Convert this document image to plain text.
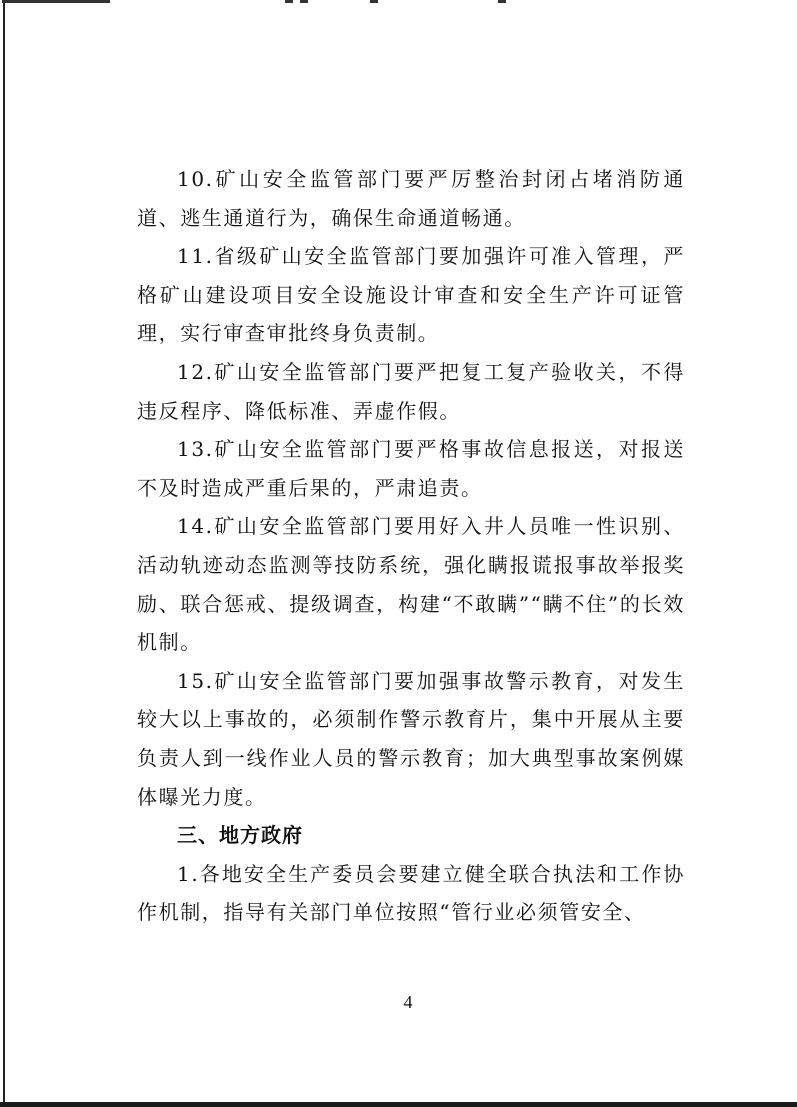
10.矿山安全监管部门要严厉整治封闭占堵消防通道、逃生通道行为，确保生命通道畅通。

11.省级矿山安全监管部门要加强许可准入管理，严格矿山建设项目安全设施设计审查和安全生产许可证管理，实行审查审批终身负责制。

12.矿山安全监管部门要严把复工复产验收关，不得违反程序、降低标准、弄虚作假。

13.矿山安全监管部门要严格事故信息报送，对报送不及时造成严重后果的，严肃追责。

14.矿山安全监管部门要用好入井人员唯一性识别、活动轨迹动态监测等技防系统，强化瞒报谎报事故举报奖励、联合惩戒、提级调查，构建“不敢瞒”“瞒不住”的长效机制。

15.矿山安全监管部门要加强事故警示教育，对发生较大以上事故的，必须制作警示教育片，集中开展从主要负责人到一线作业人员的警示教育；加大典型事故案例媒体曝光力度。

三、地方政府

1.各地安全生产委员会要建立健全联合执法和工作协作机制，指导有关部门单位按照“管行业必须管安全、

4
